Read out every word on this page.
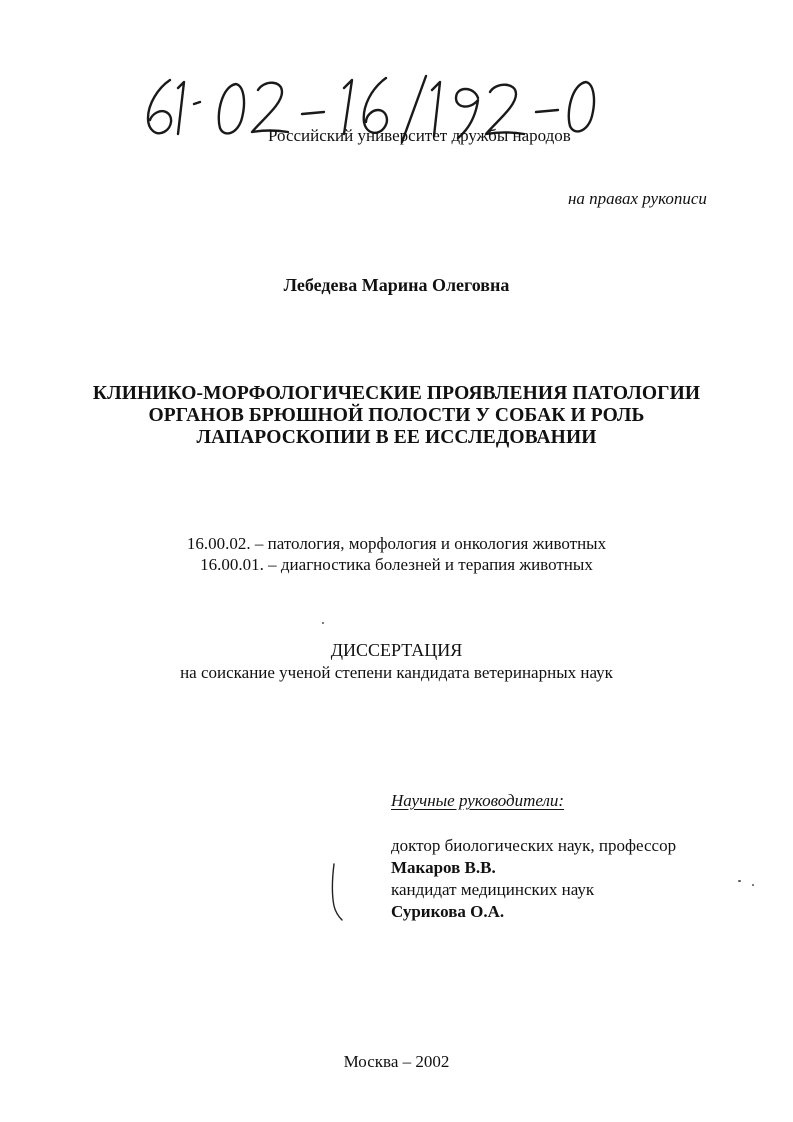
Российский университет дружбы народов
на правах рукописи
Лебедева Марина Олеговна
КЛИНИКО-МОРФОЛОГИЧЕСКИЕ ПРОЯВЛЕНИЯ ПАТОЛОГИИ
ОРГАНОВ БРЮШНОЙ ПОЛОСТИ У СОБАК И РОЛЬ
ЛАПАРОСКОПИИ В ЕЕ ИССЛЕДОВАНИИ
16.00.02. – патология, морфология и онкология животных
16.00.01. – диагностика болезней и терапия животных
ДИССЕРТАЦИЯ
на соискание ученой степени кандидата ветеринарных наук
Научные руководители:
доктор биологических наук, профессор
Макаров В.В.
кандидат медицинских наук
Сурикова О.А.
Москва – 2002
